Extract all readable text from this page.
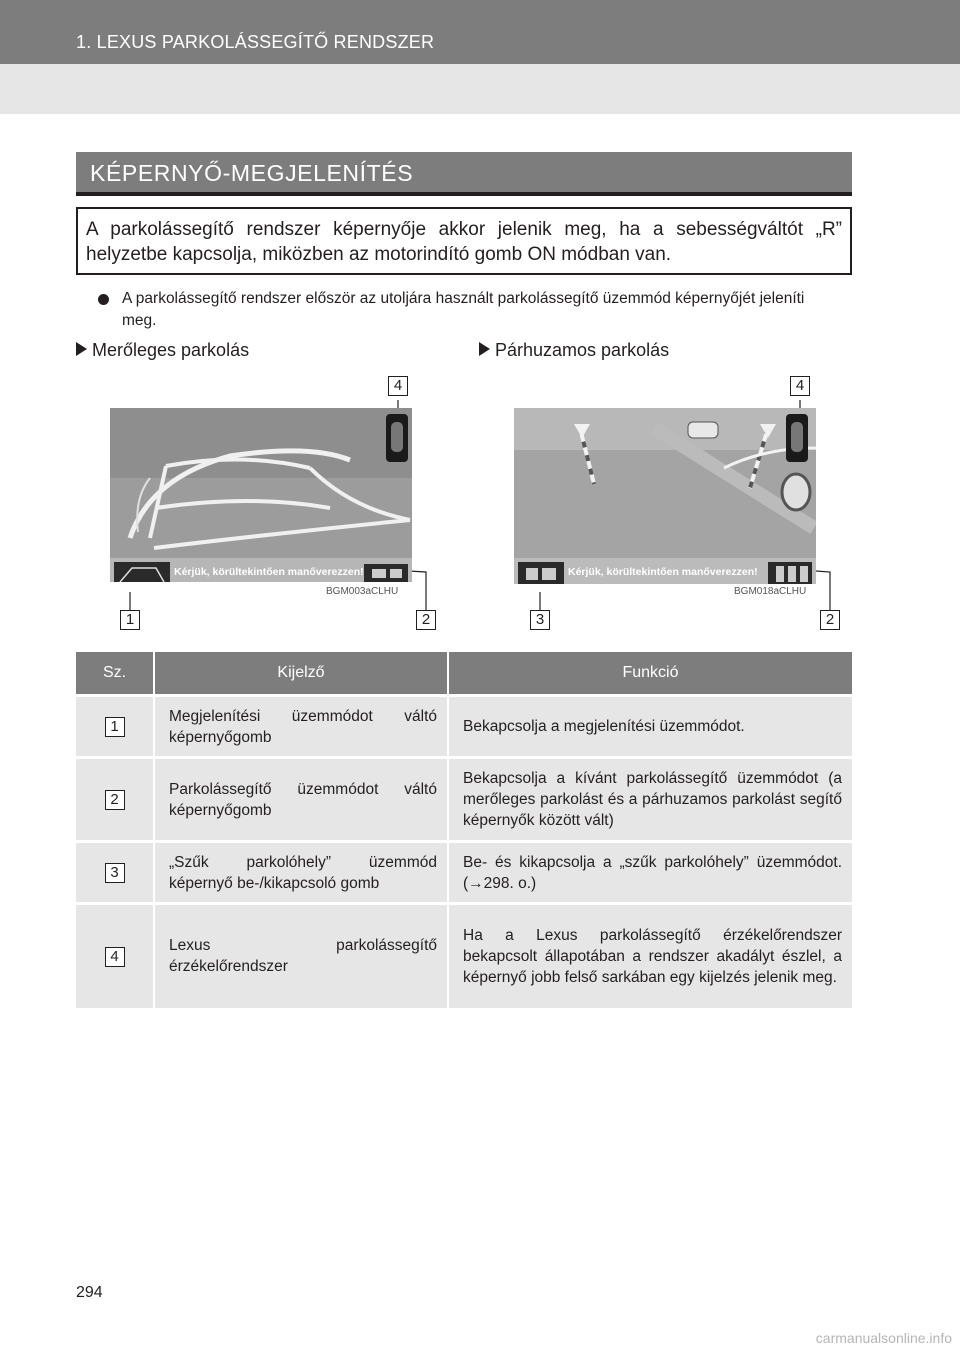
1. LEXUS PARKOLÁSSEGÍTŐ RENDSZER
KÉPERNYŐ-MEGJELENÍTÉS
A parkolássegítő rendszer képernyője akkor jelenik meg, ha a sebességváltót „R” helyzetbe kapcsolja, miközben az motorindító gomb ON módban van.
A parkolássegítő rendszer először az utoljára használt parkolássegítő üzemmód képernyőjét jeleníti meg.
Merőleges parkolás	Párhuzamos parkolás
Kérjük, körültekintően manőverezzen!
BGM003aCLHU
4
1	2
Kérjük, körültekintően manőverezzen!
BGM018aCLHU
4
3	2
Sz.	Kijelző	Funkció
1	Megjelenítési üzemmódot váltó képernyőgomb	Bekapcsolja a megjelenítési üzemmódot.
2	Parkolássegítő üzemmódot váltó képernyőgomb	Bekapcsolja a kívánt parkolássegítő üzemmódot (a merőleges parkolást és a párhuzamos parkolást segítő képernyők között vált)
3	„Szűk parkolóhely” üzemmód képernyő be-/kikapcsoló gomb	Be- és kikapcsolja a „szűk parkolóhely” üzemmódot. (→298. o.)
4	Lexus parkolássegítő érzékelőrendszer	Ha a Lexus parkolássegítő érzékelőrendszer bekapcsolt állapotában a rendszer akadályt észlel, a képernyő jobb felső sarkában egy kijelzés jelenik meg.
294
carmanualsonline.info
